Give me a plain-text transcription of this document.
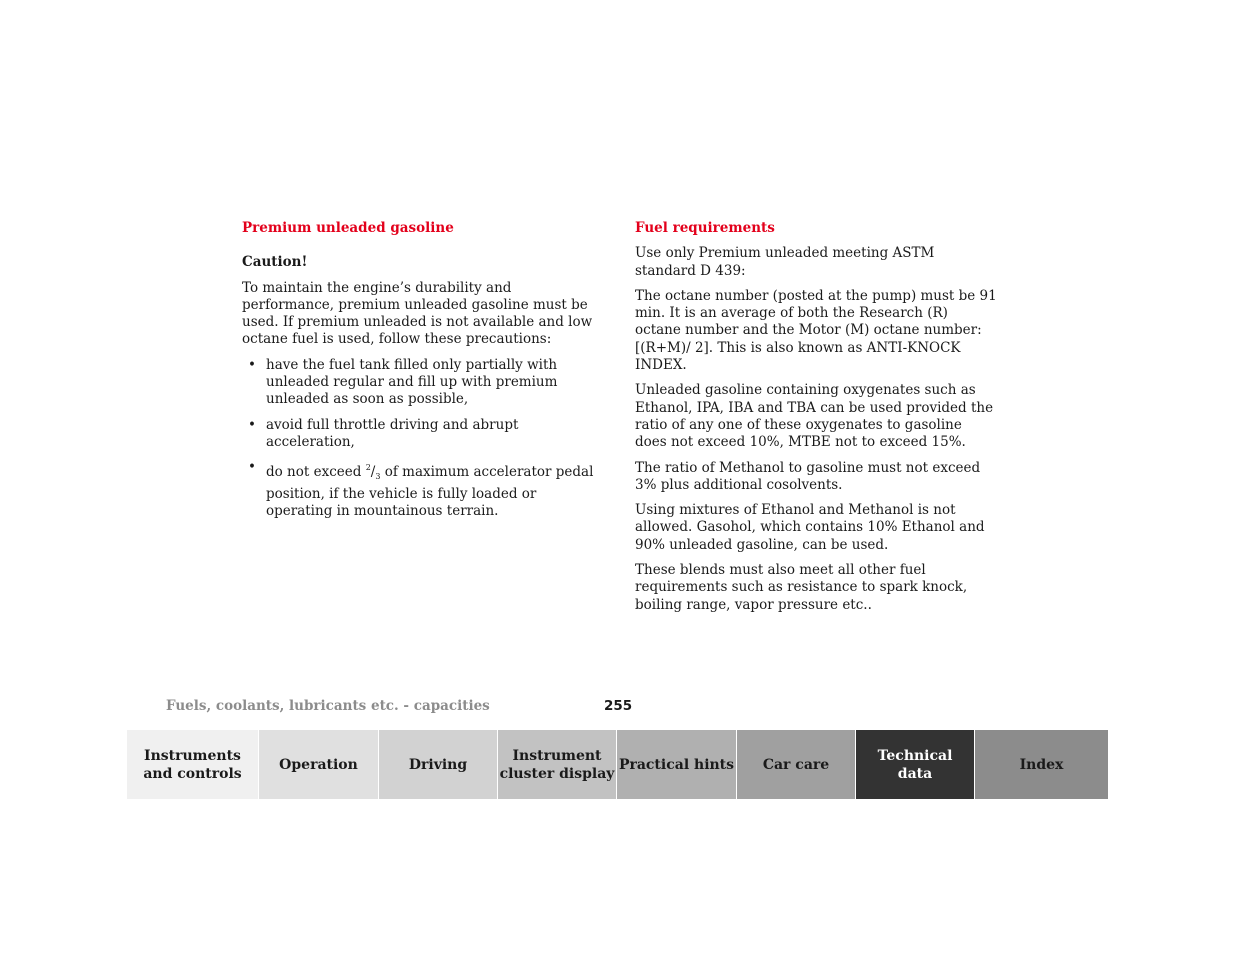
Premium unleaded gasoline

Caution!

To maintain the engine’s durability and performance, premium unleaded gasoline must be used. If premium unleaded is not available and low octane fuel is used, follow these precautions:

• have the fuel tank filled only partially with unleaded regular and fill up with premium unleaded as soon as possible,
• avoid full throttle driving and abrupt acceleration,
• do not exceed $^2/_3$ of maximum accelerator pedal position, if the vehicle is fully loaded or operating in mountainous terrain.

Fuel requirements

Use only Premium unleaded meeting ASTM standard D 439:

The octane number (posted at the pump) must be 91 min. It is an average of both the Research (R) octane number and the Motor (M) octane number: [(R+M)/ 2]. This is also known as ANTI-KNOCK INDEX.

Unleaded gasoline containing oxygenates such as Ethanol, IPA, IBA and TBA can be used provided the ratio of any one of these oxygenates to gasoline does not exceed 10%, MTBE not to exceed 15%.

The ratio of Methanol to gasoline must not exceed 3% plus additional cosolvents.

Using mixtures of Ethanol and Methanol is not allowed. Gasohol, which contains 10% Ethanol and 90% unleaded gasoline, can be used.

These blends must also meet all other fuel requirements such as resistance to spark knock, boiling range, vapor pressure etc..

Fuels, coolants, lubricants etc. - capacities	255
Instruments
and controls
Operation	Driving
Instrument
cluster display
Practical hints	Car care
Technical
data
Index
